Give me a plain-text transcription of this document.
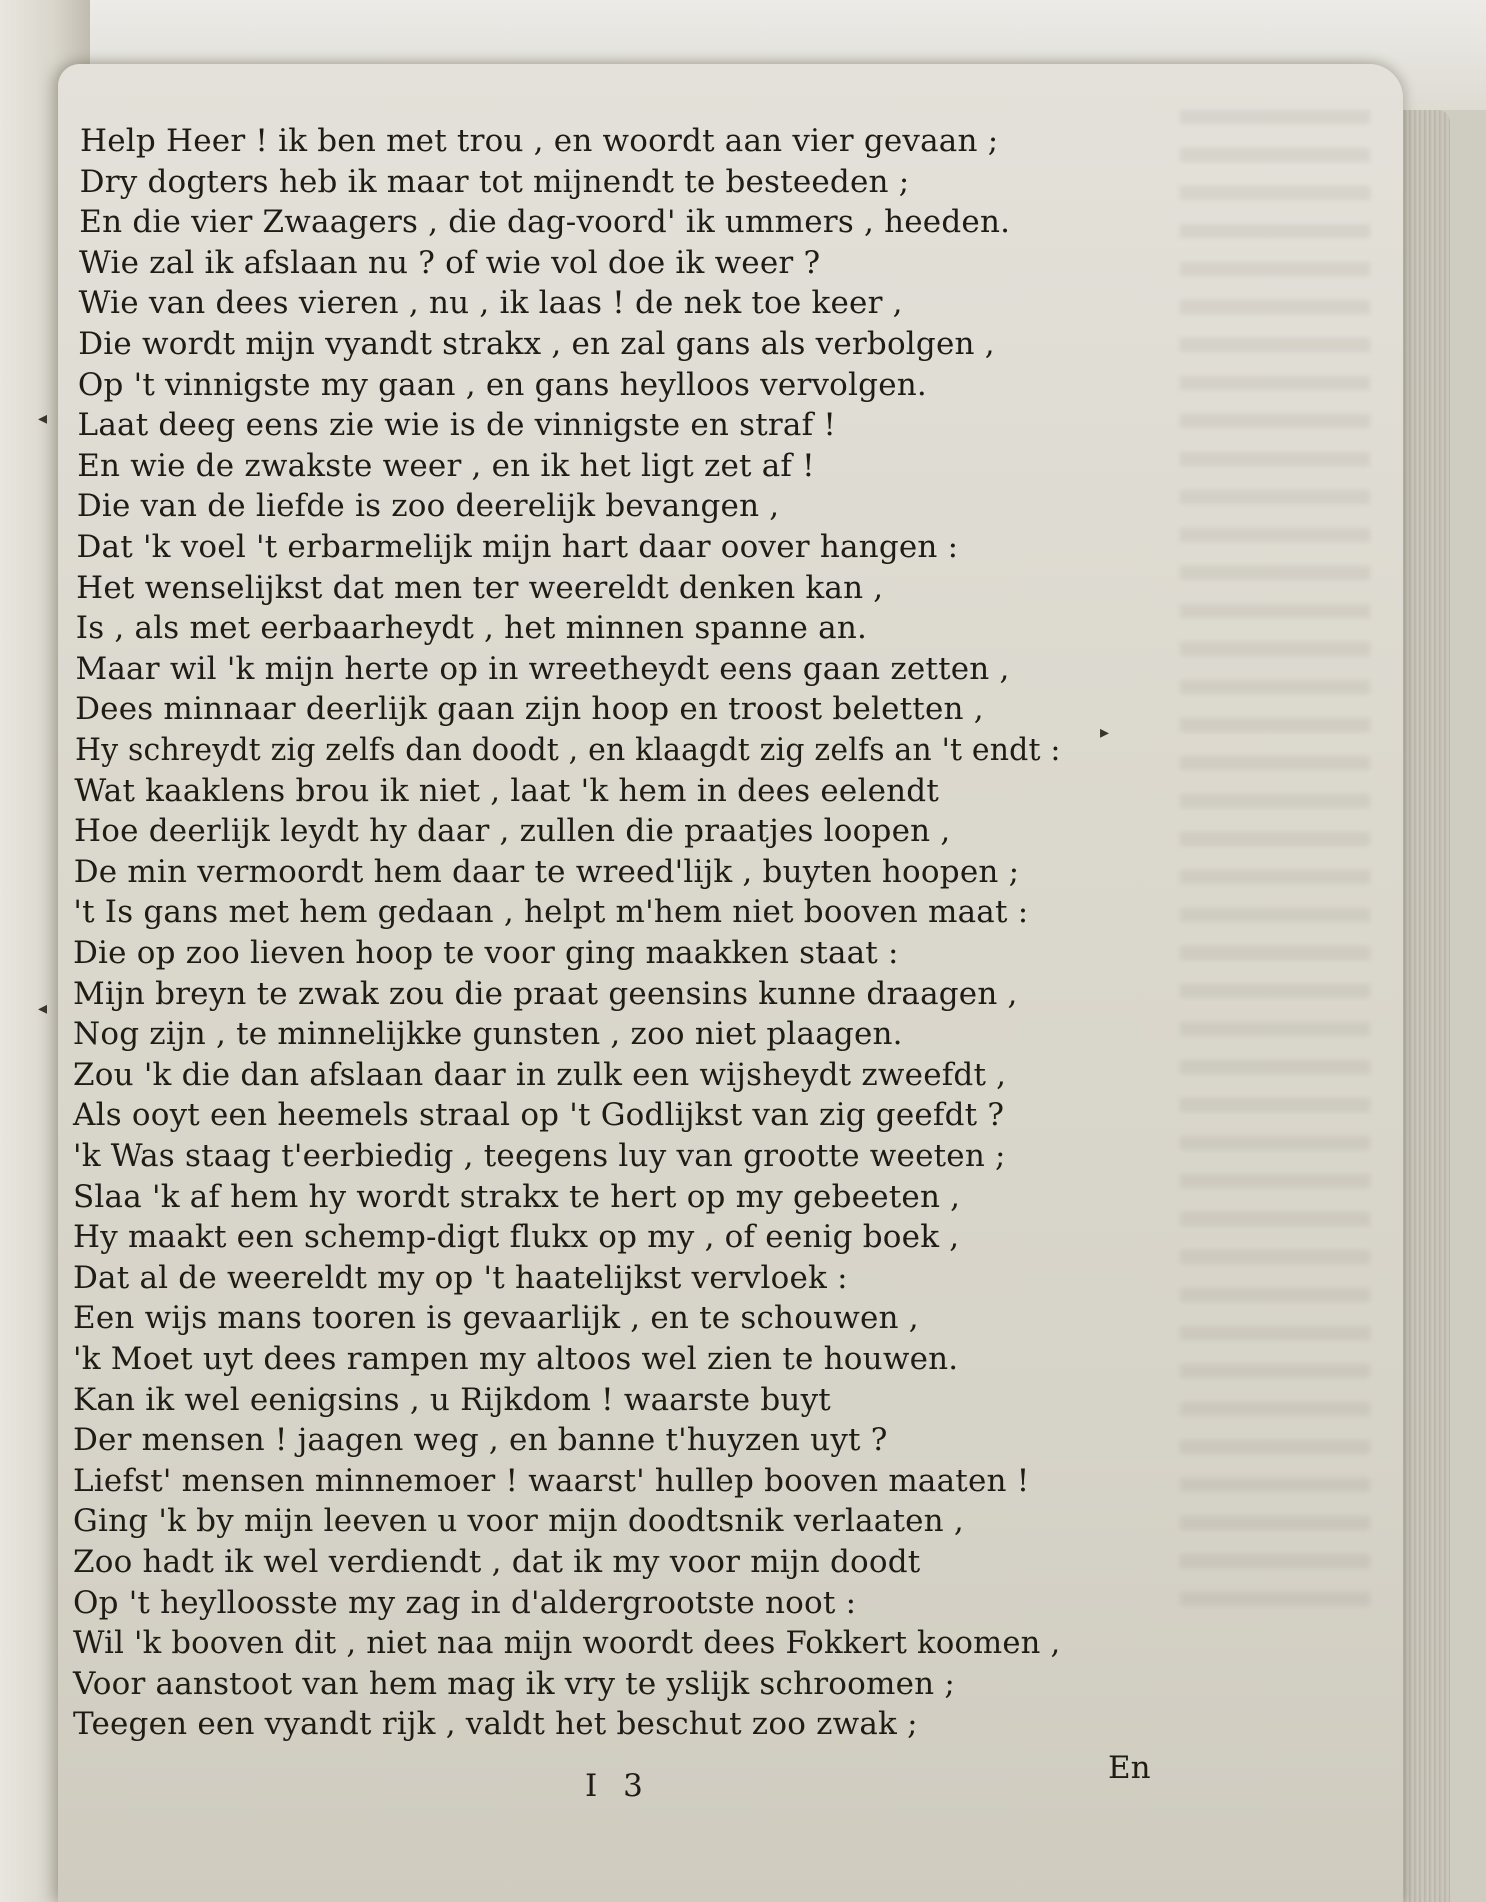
Help Heer ! ik ben met trou , en woordt aan vier gevaan ;

Dry dogters heb ik maar tot mijnendt te besteeden ;

En die vier Zwaagers , die dag-voord' ik ummers , heeden.

Wie zal ik afslaan nu ? of wie vol doe ik weer ?

Wie van dees vieren , nu , ik laas ! de nek toe keer ,

Die wordt mijn vyandt strakx , en zal gans als verbolgen ,

Op 't vinnigste my gaan , en gans heylloos vervolgen.

Laat deeg eens zie wie is de vinnigste en straf !

En wie de zwakste weer , en ik het ligt zet af !

Die van de liefde is zoo deerelijk bevangen ,

Dat 'k voel 't erbarmelijk mijn hart daar oover hangen :

Het wenselijkst dat men ter weereldt denken kan ,

Is , als met eerbaarheydt , het minnen spanne an.

Maar wil 'k mijn herte op in wreetheydt eens gaan zetten ,

Dees minnaar deerlijk gaan zijn hoop en troost beletten ,

Hy schreydt zig zelfs dan doodt , en klaagdt zig zelfs an 't endt :

Wat kaaklens brou ik niet , laat 'k hem in dees eelendt

Hoe deerlijk leydt hy daar , zullen die praatjes loopen ,

De min vermoordt hem daar te wreed'lijk , buyten hoopen ;

't Is gans met hem gedaan , helpt m'hem niet booven maat :

Die op zoo lieven hoop te voor ging maakken staat :

Mijn breyn te zwak zou die praat geensins kunne draagen ,

Nog zijn , te minnelijkke gunsten , zoo niet plaagen.

Zou 'k die dan afslaan daar in zulk een wijsheydt zweefdt ,

Als ooyt een heemels straal op 't Godlijkst van zig geefdt ?

'k Was staag t'eerbiedig , teegens luy van grootte weeten ;

Slaa 'k af hem hy wordt strakx te hert op my gebeeten ,

Hy maakt een schemp-digt flukx op my , of eenig boek ,

Dat al de weereldt my op 't haatelijkst vervloek :

Een wijs mans tooren is gevaarlijk , en te schouwen ,

'k Moet uyt dees rampen my altoos wel zien te houwen.

Kan ik wel eenigsins , u Rijkdom ! waarste buyt

Der mensen ! jaagen weg , en banne t'huyzen uyt ?

Liefst' mensen minnemoer ! waarst' hullep booven maaten !

Ging 'k by mijn leeven u voor mijn doodtsnik verlaaten ,

Zoo hadt ik wel verdiendt , dat ik my voor mijn doodt

Op 't heylloosste my zag in d'aldergrootste noot :

Wil 'k booven dit , niet naa mijn woordt dees Fokkert koomen ,

Voor aanstoot van hem mag ik vry te yslijk schroomen ;

Teegen een vyandt rijk , valdt het beschut zoo zwak ;

I 3	En
◂
◂
▸
